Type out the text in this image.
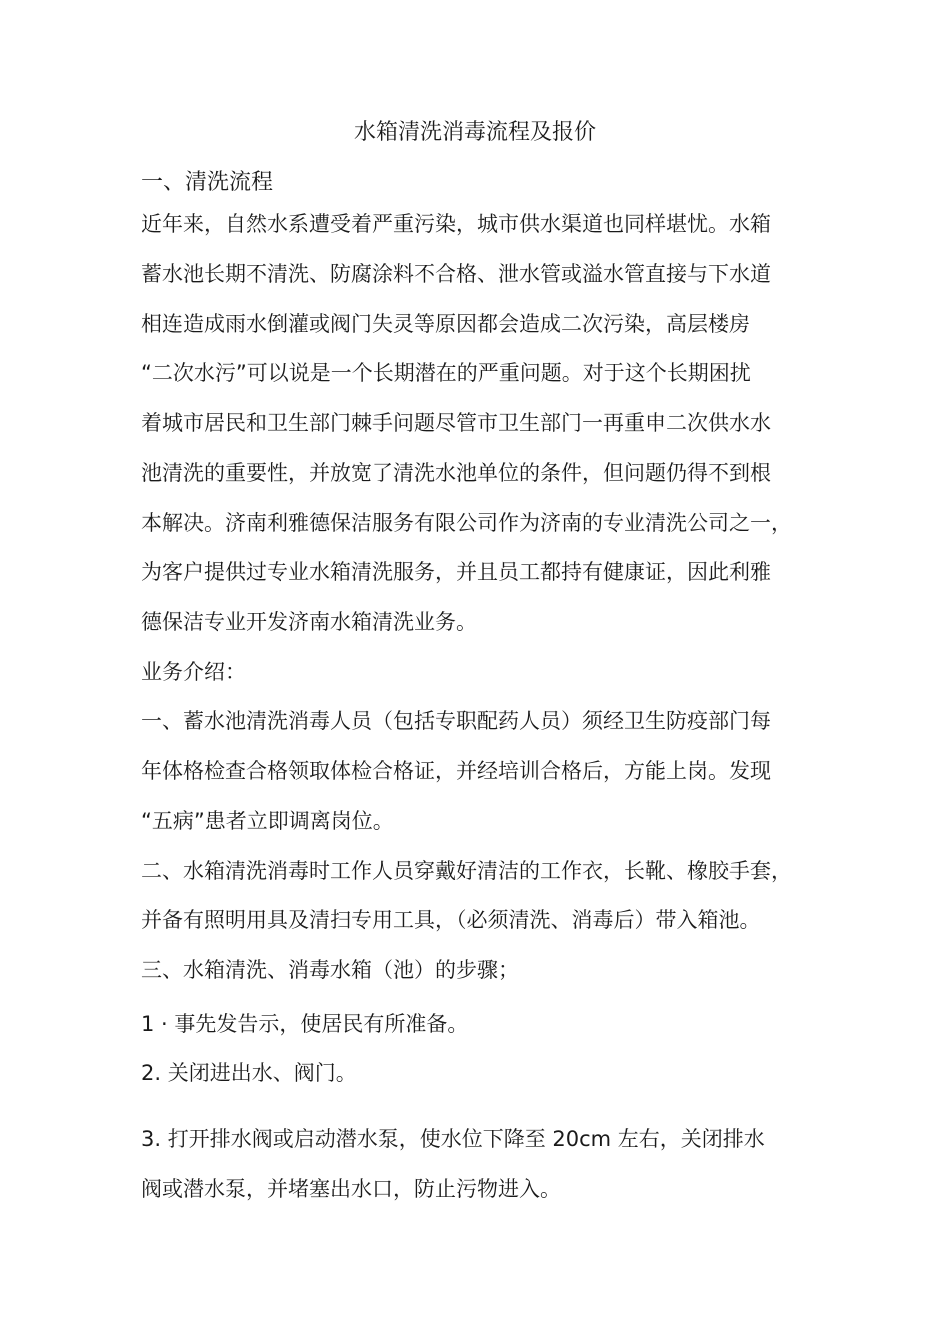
水箱清洗消毒流程及报价
一、清洗流程
近年来，自然水系遭受着严重污染，城市供水渠道也同样堪忧。水箱
蓄水池长期不清洗、防腐涂料不合格、泄水管或溢水管直接与下水道
相连造成雨水倒灌或阀门失灵等原因都会造成二次污染，高层楼房
“二次水污”可以说是一个长期潜在的严重问题。对于这个长期困扰
着城市居民和卫生部门棘手问题尽管市卫生部门一再重申二次供水水
池清洗的重要性，并放宽了清洗水池单位的条件，但问题仍得不到根
本解决。济南利雅德保洁服务有限公司作为济南的专业清洗公司之一，
为客户提供过专业水箱清洗服务，并且员工都持有健康证，因此利雅
德保洁专业开发济南水箱清洗业务。
业务介绍：
一、蓄水池清洗消毒人员（包括专职配药人员）须经卫生防疫部门每
年体格检查合格领取体检合格证，并经培训合格后，方能上岗。发现
“五病”患者立即调离岗位。
二、水箱清洗消毒时工作人员穿戴好清洁的工作衣，长靴、橡胶手套，
并备有照明用具及清扫专用工具，（必须清洗、消毒后）带入箱池。
三、水箱清洗、消毒水箱（池）的步骤；
1 · 事先发告示，使居民有所准备。
2. 关闭进出水、阀门。
3. 打开排水阀或启动潜水泵，使水位下降至 20cm 左右，关闭排水
阀或潜水泵，并堵塞出水口，防止污物进入。
